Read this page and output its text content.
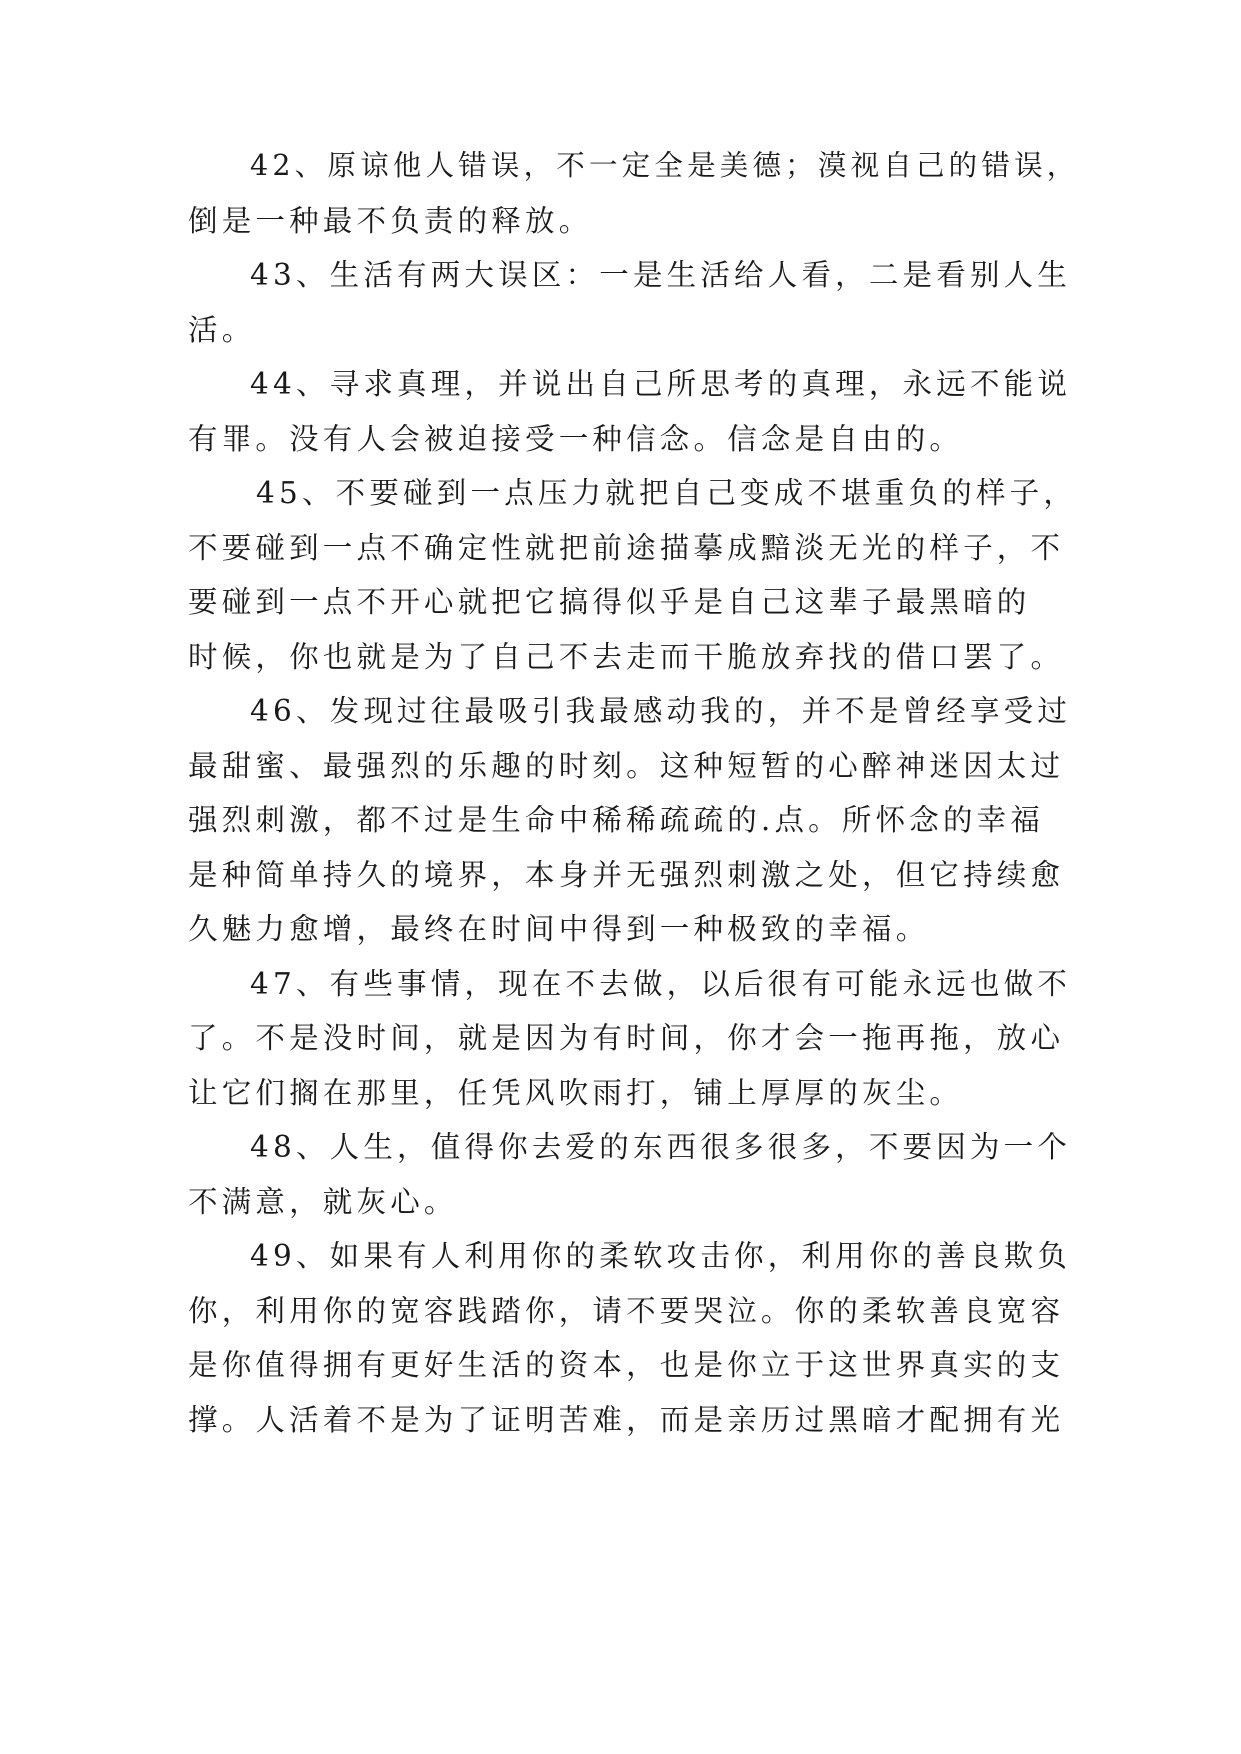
42、原谅他人错误，不一定全是美德；漠视自己的错误，

倒是一种最不负责的释放。

43、生活有两大误区：一是生活给人看，二是看别人生

活。

44、寻求真理，并说出自己所思考的真理，永远不能说

有罪。没有人会被迫接受一种信念。信念是自由的。

45、不要碰到一点压力就把自己变成不堪重负的样子，

不要碰到一点不确定性就把前途描摹成黯淡无光的样子，不

要碰到一点不开心就把它搞得似乎是自己这辈子最黑暗的

时候，你也就是为了自己不去走而干脆放弃找的借口罢了。

46、发现过往最吸引我最感动我的，并不是曾经享受过

最甜蜜、最强烈的乐趣的时刻。这种短暂的心醉神迷因太过

强烈刺激，都不过是生命中稀稀疏疏的.点。所怀念的幸福

是种简单持久的境界，本身并无强烈刺激之处，但它持续愈

久魅力愈增，最终在时间中得到一种极致的幸福。

47、有些事情，现在不去做，以后很有可能永远也做不

了。不是没时间，就是因为有时间，你才会一拖再拖，放心

让它们搁在那里，任凭风吹雨打，铺上厚厚的灰尘。

48、人生，值得你去爱的东西很多很多，不要因为一个

不满意，就灰心。

49、如果有人利用你的柔软攻击你，利用你的善良欺负

你，利用你的宽容践踏你，请不要哭泣。你的柔软善良宽容

是你值得拥有更好生活的资本，也是你立于这世界真实的支

撑。人活着不是为了证明苦难，而是亲历过黑暗才配拥有光
